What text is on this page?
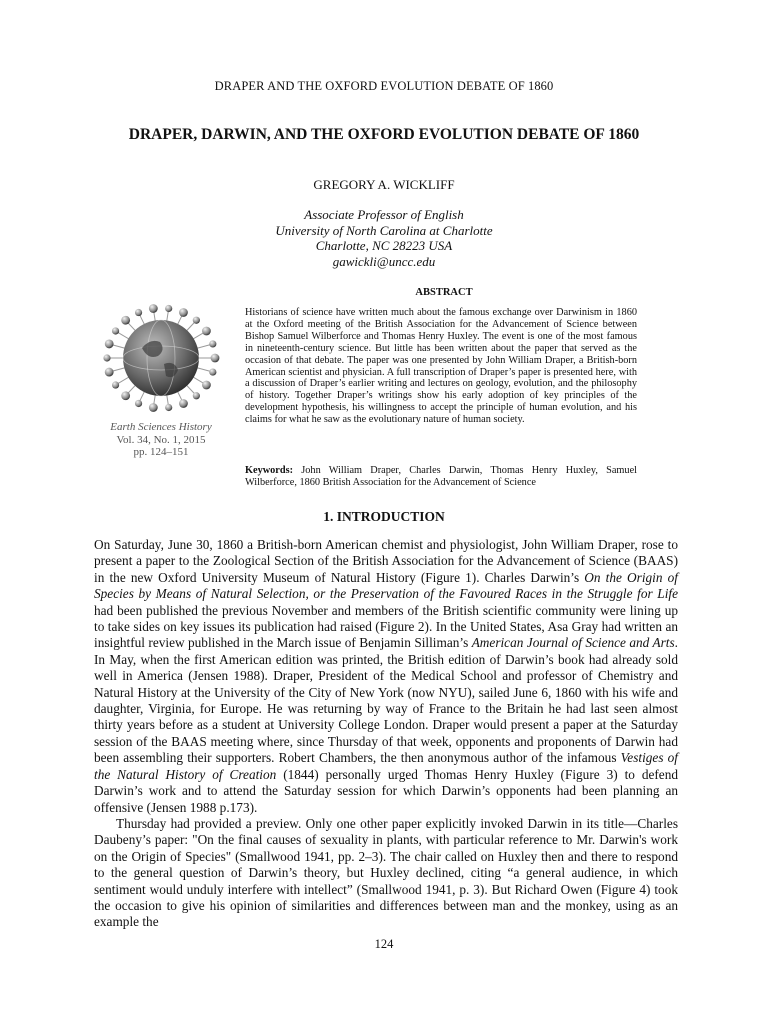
DRAPER AND THE OXFORD EVOLUTION DEBATE OF 1860
DRAPER, DARWIN, AND THE OXFORD EVOLUTION DEBATE OF 1860
GREGORY A. WICKLIFF
Associate Professor of English
University of North Carolina at Charlotte
Charlotte, NC 28223 USA
gawickli@uncc.edu
ABSTRACT
Historians of science have written much about the famous exchange over Darwinism in 1860 at the Oxford meeting of the British Association for the Advancement of Science between Bishop Samuel Wilberforce and Thomas Henry Huxley. The event is one of the most famous in nineteenth-century science. But little has been written about the paper that served as the occasion of that debate. The paper was one presented by John William Draper, a British-born American scientist and physician. A full transcription of Draper’s paper is presented here, with a discussion of Draper’s earlier writing and lectures on geology, evolution, and the philosophy of history. Together Draper’s writings show his early adoption of key principles of the development hypothesis, his willingness to accept the principle of human evolution, and his claims for what he saw as the evolutionary nature of human society.
Keywords: John William Draper, Charles Darwin, Thomas Henry Huxley, Samuel Wilberforce, 1860 British Association for the Advancement of Science
Earth Sciences History
Vol. 34, No. 1, 2015
pp. 124–151
1. INTRODUCTION

On Saturday, June 30, 1860 a British-born American chemist and physiologist, John William Draper, rose to present a paper to the Zoological Section of the British Association for the Advancement of Science (BAAS) in the new Oxford University Museum of Natural History (Figure 1). Charles Darwin’s On the Origin of Species by Means of Natural Selection, or the Preservation of the Favoured Races in the Struggle for Life had been published the previous November and members of the British scientific community were lining up to take sides on key issues its publication had raised (Figure 2). In the United States, Asa Gray had written an insightful review published in the March issue of Benjamin Silliman’s American Journal of Science and Arts. In May, when the first American edition was printed, the British edition of Darwin’s book had already sold well in America (Jensen 1988). Draper, President of the Medical School and professor of Chemistry and Natural History at the University of the City of New York (now NYU), sailed June 6, 1860 with his wife and daughter, Virginia, for Europe. He was returning by way of France to the Britain he had last seen almost thirty years before as a student at University College London. Draper would present a paper at the Saturday session of the BAAS meeting where, since Thursday of that week, opponents and proponents of Darwin had been assembling their supporters. Robert Chambers, the then anonymous author of the infamous Vestiges of the Natural History of Creation (1844) personally urged Thomas Henry Huxley (Figure 3) to defend Darwin’s work and to attend the Saturday session for which Darwin’s opponents had been planning an offensive (Jensen 1988 p.173).

Thursday had provided a preview. Only one other paper explicitly invoked Darwin in its title—Charles Daubeny’s paper: "On the final causes of sexuality in plants, with particular reference to Mr. Darwin's work on the Origin of Species" (Smallwood 1941, pp. 2–3). The chair called on Huxley then and there to respond to the general question of Darwin’s theory, but Huxley declined, citing “a general audience, in which sentiment would unduly interfere with intellect” (Smallwood 1941, p. 3). But Richard Owen (Figure 4) took the occasion to give his opinion of similarities and differences between man and the monkey, using as an example the

124
